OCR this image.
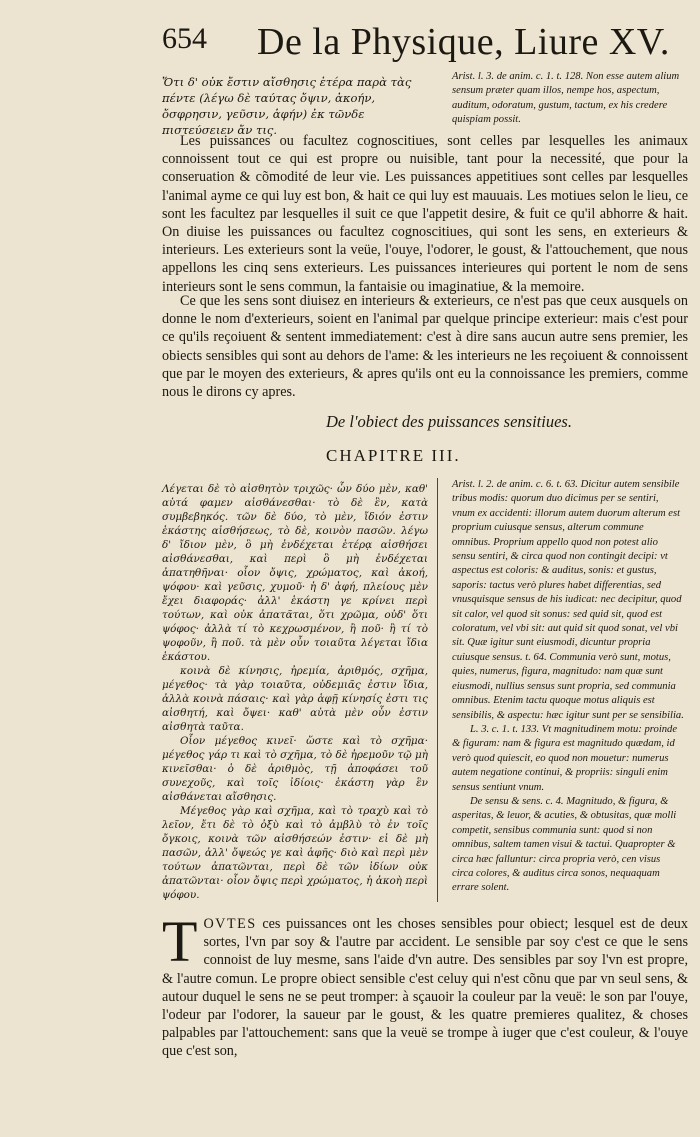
654 De la Physique, Liure XV.

Ὅτι δ' οὐκ ἔστιν αἴσθησις ἑτέρα παρὰ τὰς πέντε (λέγω δὲ ταύτας ὄψιν, ἀκοήν, ὄσφρησιν, γεῦσιν, ἁφήν) ἐκ τῶνδε πιστεύσειεν ἄν τις.

Arist. l. 3. de anim. c. 1. t. 128. Non esse autem alium sensum præter quam illos, nempe hos, aspectum, auditum, odoratum, gustum, tactum, ex his credere quispiam possit.

Les puissances ou facultez cognoscitiues, sont celles par lesquelles les animaux connoissent tout ce qui est propre ou nuisible, tant pour la necessité, que pour la conseruation & cõmodité de leur vie. Les puissances appetitiues sont celles par lesquelles l'animal ayme ce qui luy est bon, & hait ce qui luy est mauuais. Les motiues selon le lieu, ce sont les facultez par lesquelles il suit ce que l'appetit desire, & fuit ce qu'il abhorre & hait. On diuise les puissances ou facultez cognoscitiues, qui sont les sens, en exterieurs & interieurs. Les exterieurs sont la veüe, l'ouye, l'odorer, le goust, & l'attouchement, que nous appellons les cinq sens exterieurs. Les puissances interieures qui portent le nom de sens interieurs sont le sens commun, la fantaisie ou imaginatiue, & la memoire.

Ce que les sens sont diuisez en interieurs & exterieurs, ce n'est pas que ceux ausquels on donne le nom d'exterieurs, soient en l'animal par quelque principe exterieur: mais c'est pour ce qu'ils reçoiuent & sentent immediatement: c'est à dire sans aucun autre sens premier, les obiects sensibles qui sont au dehors de l'ame: & les interieurs ne les reçoiuent & connoissent que par le moyen des exterieurs, & apres qu'ils ont eu la connoissance les premiers, comme nous le dirons cy apres.

De l'obiect des puissances sensitiues.
CHAPITRE III.

Λέγεται δὲ τὸ αἰσθητὸν τριχῶς· ὧν δύο μὲν, καθ' αὑτά φαμεν αἰσθάνεσθαι· τὸ δὲ ἓν, κατὰ συμβεβηκός. τῶν δὲ δύο, τὸ μὲν, ἴδιόν ἐστιν ἑκάστης αἰσθήσεως, τὸ δὲ, κοινὸν πασῶν. λέγω δ' ἴδιον μὲν, ὃ μὴ ἐνδέχεται ἑτέρᾳ αἰσθήσει αἰσθάνεσθαι, καὶ περὶ ὃ μὴ ἐνδέχεται ἀπατηθῆναι· οἷον ὄψις, χρώματος, καὶ ἀκοή, ψόφου· καὶ γεῦσις, χυμοῦ· ἡ δ' ἁφή, πλείους μὲν ἔχει διαφοράς· ἀλλ' ἑκάστη γε κρίνει περὶ τούτων, καὶ οὐκ ἀπατᾶται, ὅτι χρῶμα, οὐδ' ὅτι ψόφος· ἀλλὰ τί τὸ κεχρωσμένον, ἢ ποῦ· ἢ τί τὸ ψοφοῦν, ἢ ποῦ. τὰ μὲν οὖν τοιαῦτα λέγεται ἴδια ἑκάστου.

κοινὰ δὲ κίνησις, ἠρεμία, ἀριθμός, σχῆμα, μέγεθος· τὰ γὰρ τοιαῦτα, οὐδεμιᾶς ἐστιν ἴδια, ἀλλὰ κοινὰ πάσαις· καὶ γὰρ ἁφῇ κίνησίς ἐστι τις αἰσθητή, καὶ ὄψει· καθ' αὑτὰ μὲν οὖν ἐστιν αἰσθητὰ ταῦτα.

Οἷον μέγεθος κινεῖ· ὥστε καὶ τὸ σχῆμα· μέγεθος γάρ τι καὶ τὸ σχῆμα, τὸ δὲ ἠρεμοῦν τῷ μὴ κινεῖσθαι· ὁ δὲ ἀριθμὸς, τῇ ἀποφάσει τοῦ συνεχοῦς, καὶ τοῖς ἰδίοις· ἑκάστη γὰρ ἓν αἰσθάνεται αἴσθησις.

Μέγεθος γὰρ καὶ σχῆμα, καὶ τὸ τραχὺ καὶ τὸ λεῖον, ἔτι δὲ τὸ ὀξὺ καὶ τὸ ἀμβλὺ τὸ ἐν τοῖς ὄγκοις, κοινὰ τῶν αἰσθήσεών ἐστιν· εἰ δὲ μὴ πασῶν, ἀλλ' ὄψεώς γε καὶ ἁφῆς· διὸ καὶ περὶ μὲν τούτων ἀπατῶνται, περὶ δὲ τῶν ἰδίων οὐκ ἀπατῶνται· οἷον ὄψις περὶ χρώματος, ἡ ἀκοὴ περὶ ψόφου.

Arist. l. 2. de anim. c. 6. t. 63. Dicitur autem sensibile tribus modis: quorum duo dicimus per se sentiri, vnum ex accidenti: illorum autem duorum alterum est proprium cuiusque sensus, alterum commune omnibus. Proprium appello quod non potest alio sensu sentiri, & circa quod non contingit decipi: vt aspectus est coloris: & auditus, sonis: et gustus, saporis: tactus verò plures habet differentias, sed vnusquisque sensus de his iudicat: nec decipitur, quod sit calor, vel quod sit sonus: sed quid sit, quod est coloratum, vel vbi sit: aut quid sit quod sonat, vel vbi sit. Quæ igitur sunt eiusmodi, dicuntur propria cuiusque sensus. t. 64. Communia verò sunt, motus, quies, numerus, figura, magnitudo: nam quæ sunt eiusmodi, nullius sensus sunt propria, sed communia omnibus. Etenim tactu quoque motus aliquis est sensibilis, & aspectu: hæc igitur sunt per se sensibilia.

L. 3. c. 1. t. 133. Vt magnitudinem motu: proinde & figuram: nam & figura est magnitudo quædam, id verò quod quiescit, eo quod non mouetur: numerus autem negatione continui, & propriis: singuli enim sensus sentiunt vnum.

De sensu & sens. c. 4. Magnitudo, & figura, & asperitas, & leuor, & acuties, & obtusitas, quæ molli competit, sensibus communia sunt: quod si non omnibus, saltem tamen visui & tactui. Quapropter & circa hæc falluntur: circa propria verò, cen visus circa colores, & auditus circa sonos, nequaquam errare solent.

TOVTES ces puissances ont les choses sensibles pour obiect; lesquel est de deux sortes, l'vn par soy & l'autre par accident. Le sensible par soy c'est ce que le sens connoist de luy mesme, sans l'aide d'vn autre. Des sensibles par soy l'vn est propre, & l'autre comun. Le propre obiect sensible c'est celuy qui n'est cõnu que par vn seul sens, & autour duquel le sens ne se peut tromper: à sçauoir la couleur par la veuë: le son par l'ouye, l'odeur par l'odorer, la saueur par le goust, & les quatre premieres qualitez, & choses palpables par l'attouchement: sans que la veuë se trompe à iuger que c'est couleur, & l'ouye que c'est son,
